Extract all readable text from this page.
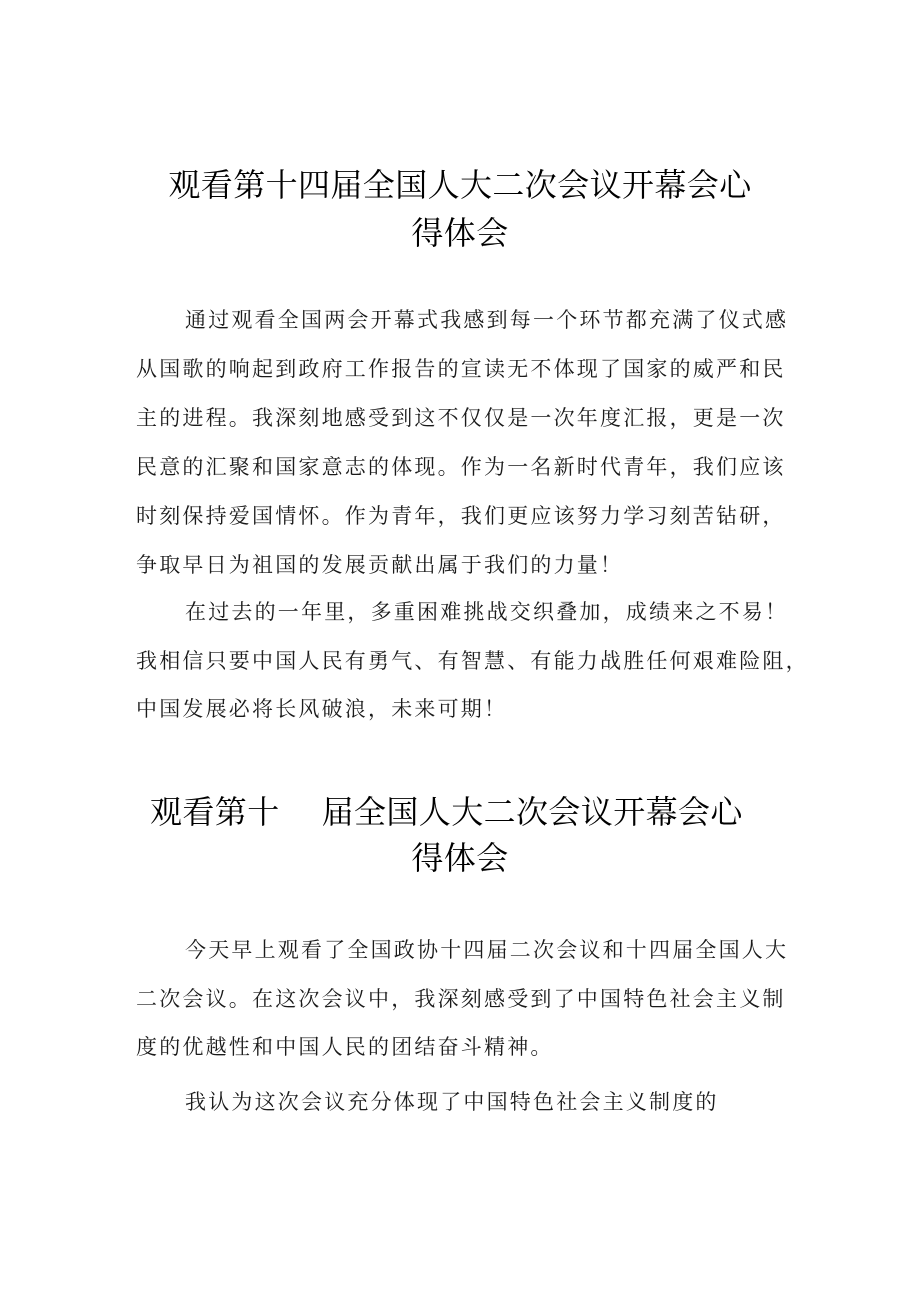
观看第十四届全国人大二次会议开幕会心
得体会
通过观看全国两会开幕式我感到每一个环节都充满了仪式感
从国歌的响起到政府工作报告的宣读无不体现了国家的威严和民
主的进程。我深刻地感受到这不仅仅是一次年度汇报，更是一次
民意的汇聚和国家意志的体现。作为一名新时代青年，我们应该
时刻保持爱国情怀。作为青年，我们更应该努力学习刻苦钻研，
争取早日为祖国的发展贡献出属于我们的力量！
在过去的一年里，多重困难挑战交织叠加，成绩来之不易！
我相信只要中国人民有勇气、有智慧、有能力战胜任何艰难险阻，
中国发展必将长风破浪，未来可期！
观看第十 届全国人大二次会议开幕会心
得体会
今天早上观看了全国政协十四届二次会议和十四届全国人大
二次会议。在这次会议中，我深刻感受到了中国特色社会主义制
度的优越性和中国人民的团结奋斗精神。
我认为这次会议充分体现了中国特色社会主义制度的
